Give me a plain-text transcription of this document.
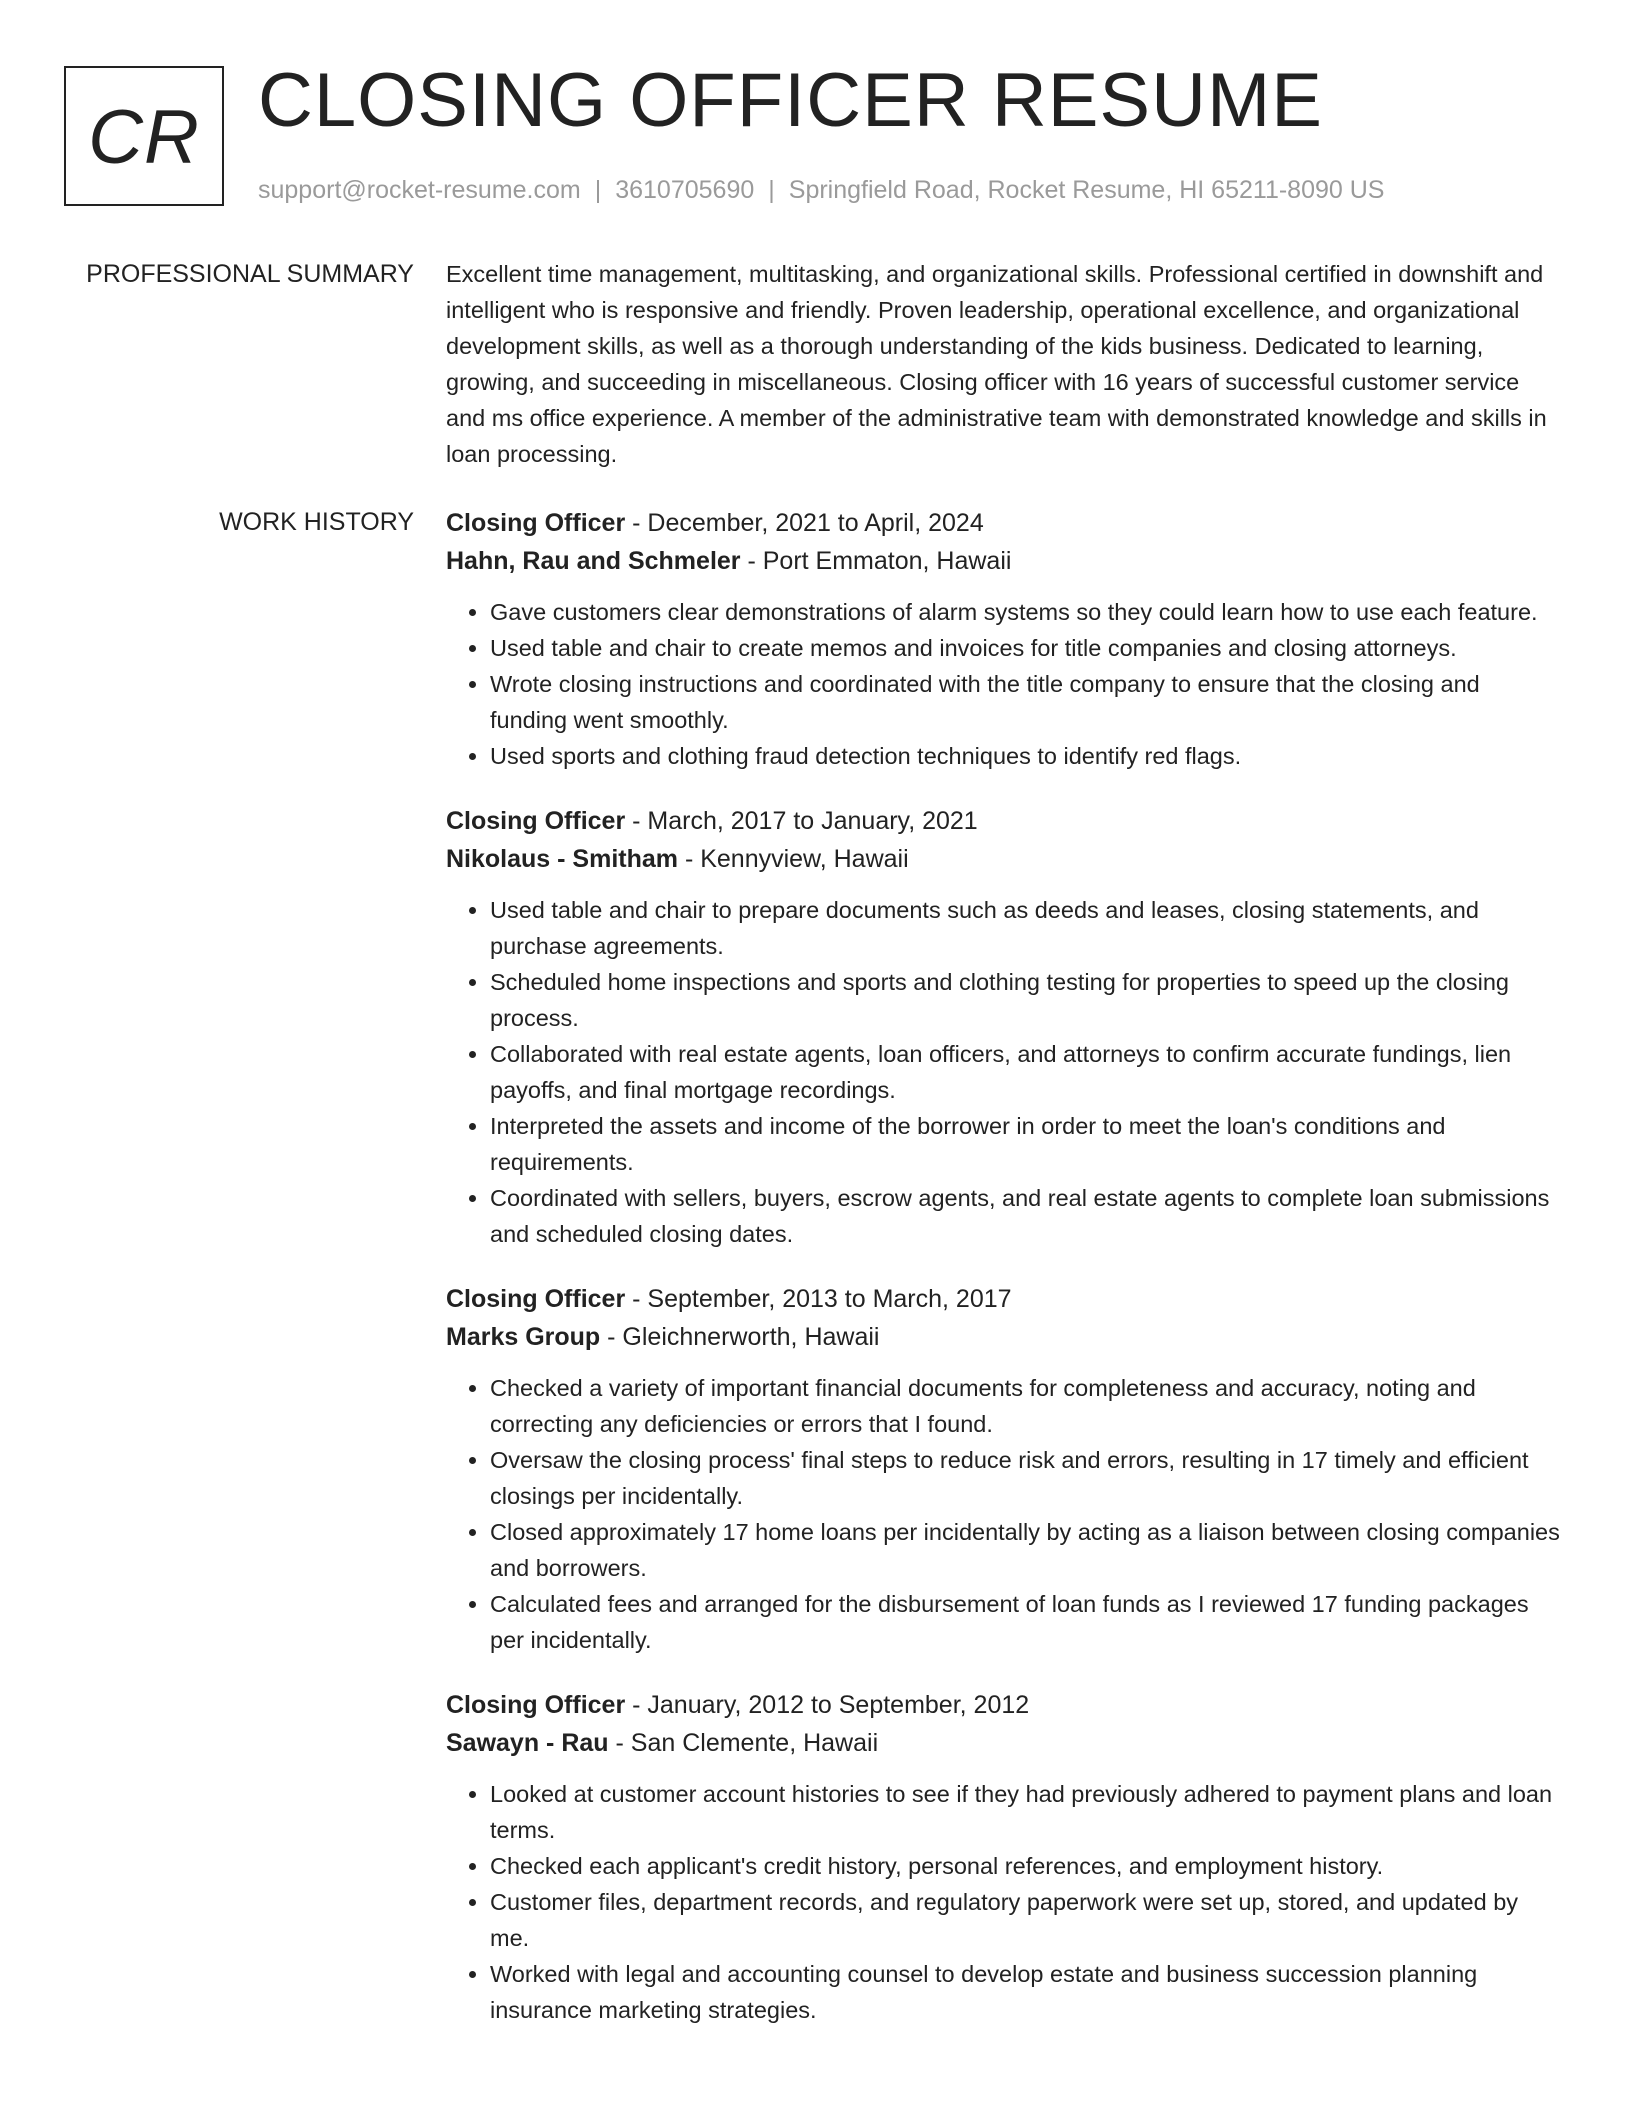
CR CLOSING OFFICER RESUME
support@rocket-resume.com | 3610705690 | Springfield Road, Rocket Resume, HI 65211-8090 US
PROFESSIONAL SUMMARY Excellent time management, multitasking, and organizational skills. Professional certified in downshift and intelligent who is responsive and friendly. Proven leadership, operational excellence, and organizational development skills, as well as a thorough understanding of the kids business. Dedicated to learning, growing, and succeeding in miscellaneous. Closing officer with 16 years of successful customer service and ms office experience. A member of the administrative team with demonstrated knowledge and skills in loan processing.

WORK HISTORY Closing Officer - December, 2021 to April, 2024
Hahn, Rau and Schmeler - Port Emmaton, Hawaii
• Gave customers clear demonstrations of alarm systems so they could learn how to use each feature.
• Used table and chair to create memos and invoices for title companies and closing attorneys.
• Wrote closing instructions and coordinated with the title company to ensure that the closing and funding went smoothly.
• Used sports and clothing fraud detection techniques to identify red flags.
Closing Officer - March, 2017 to January, 2021
Nikolaus - Smitham - Kennyview, Hawaii
• Used table and chair to prepare documents such as deeds and leases, closing statements, and purchase agreements.
• Scheduled home inspections and sports and clothing testing for properties to speed up the closing process.
• Collaborated with real estate agents, loan officers, and attorneys to confirm accurate fundings, lien payoffs, and final mortgage recordings.
• Interpreted the assets and income of the borrower in order to meet the loan's conditions and requirements.
• Coordinated with sellers, buyers, escrow agents, and real estate agents to complete loan submissions and scheduled closing dates.
Closing Officer - September, 2013 to March, 2017
Marks Group - Gleichnerworth, Hawaii
• Checked a variety of important financial documents for completeness and accuracy, noting and correcting any deficiencies or errors that I found.
• Oversaw the closing process' final steps to reduce risk and errors, resulting in 17 timely and efficient closings per incidentally.
• Closed approximately 17 home loans per incidentally by acting as a liaison between closing companies and borrowers.
• Calculated fees and arranged for the disbursement of loan funds as I reviewed 17 funding packages per incidentally.
Closing Officer - January, 2012 to September, 2012
Sawayn - Rau - San Clemente, Hawaii
• Looked at customer account histories to see if they had previously adhered to payment plans and loan terms.
• Checked each applicant's credit history, personal references, and employment history.
• Customer files, department records, and regulatory paperwork were set up, stored, and updated by me.
• Worked with legal and accounting counsel to develop estate and business succession planning insurance marketing strategies.
